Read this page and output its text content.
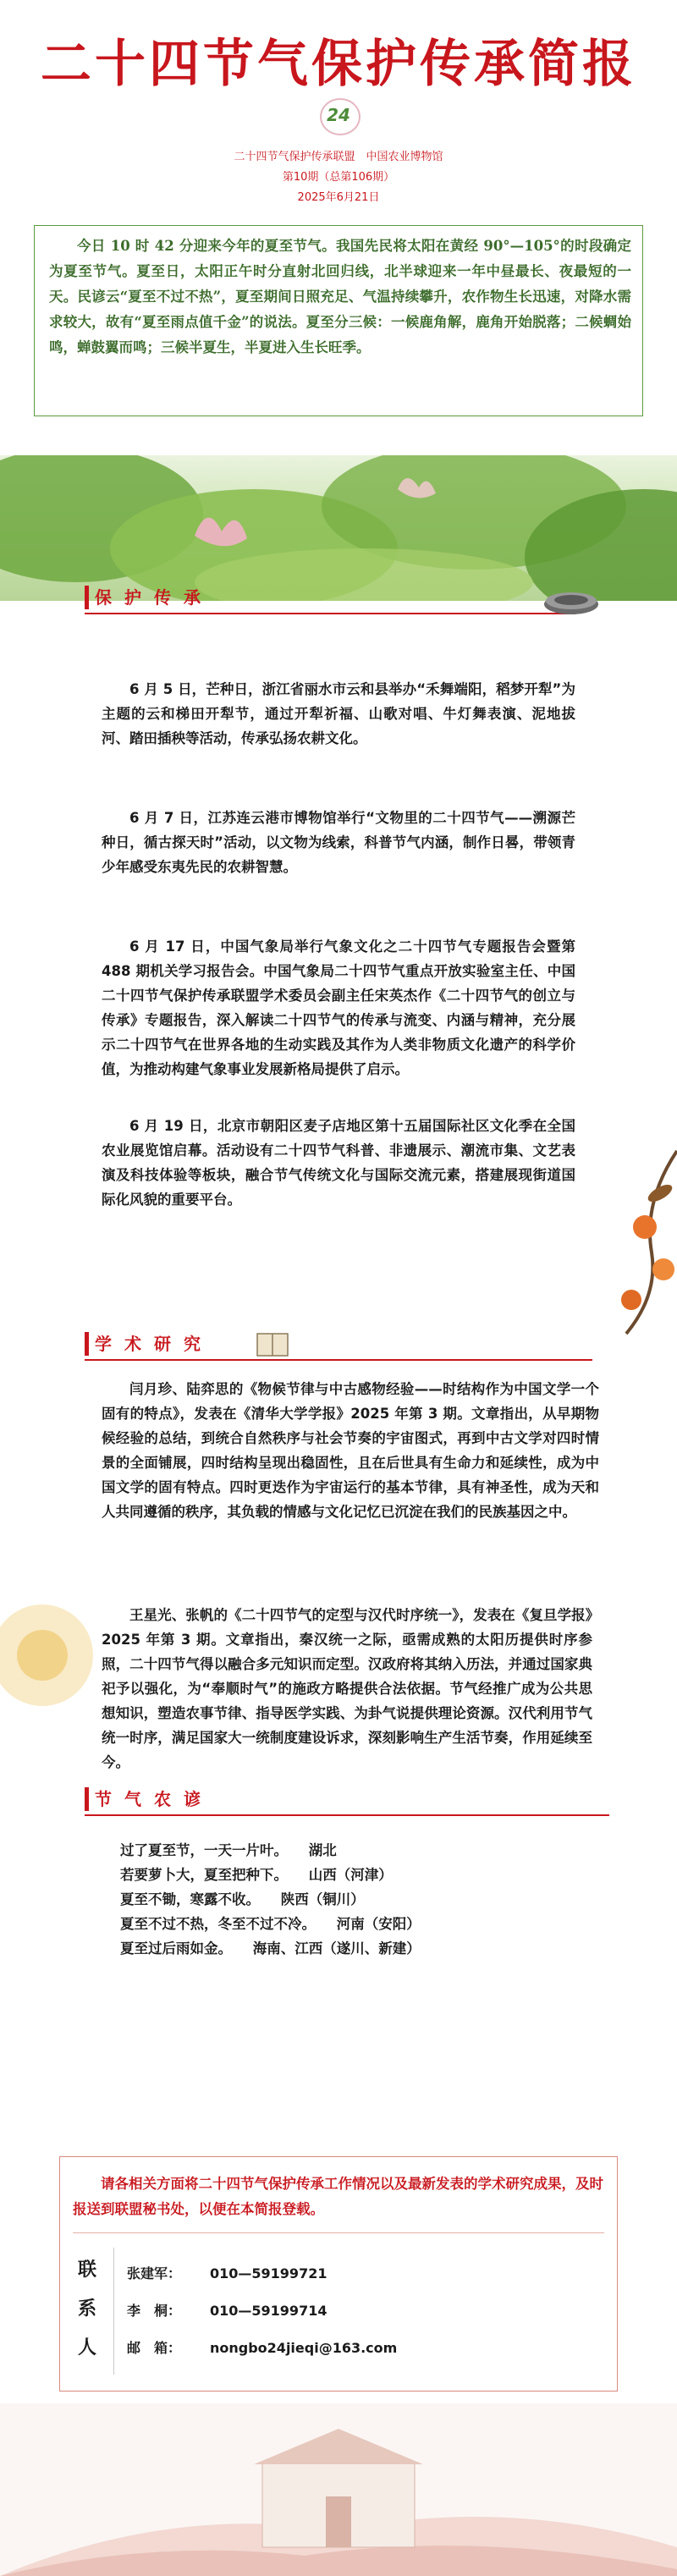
二十四节气保护传承简报
24
二十四节气保护传承联盟　中国农业博物馆
第10期（总第106期）
2025年6月21日
今日 10 时 42 分迎来今年的夏至节气。我国先民将太阳在黄经 90°—105°的时段确定为夏至节气。夏至日，太阳正午时分直射北回归线，北半球迎来一年中昼最长、夜最短的一天。民谚云“夏至不过不热”，夏至期间日照充足、气温持续攀升，农作物生长迅速，对降水需求较大，故有“夏至雨点值千金”的说法。夏至分三候：一候鹿角解，鹿角开始脱落；二候蜩始鸣，蝉鼓翼而鸣；三候半夏生，半夏进入生长旺季。
保护传承
6 月 5 日，芒种日，浙江省丽水市云和县举办“禾舞端阳，稻梦开犁”为主题的云和梯田开犁节，通过开犁祈福、山歌对唱、牛灯舞表演、泥地拔河、踏田插秧等活动，传承弘扬农耕文化。
6 月 7 日，江苏连云港市博物馆举行“文物里的二十四节气——溯源芒种日，循古探天时”活动，以文物为线索，科普节气内涵，制作日晷，带领青少年感受东夷先民的农耕智慧。
6 月 17 日，中国气象局举行气象文化之二十四节气专题报告会暨第 488 期机关学习报告会。中国气象局二十四节气重点开放实验室主任、中国二十四节气保护传承联盟学术委员会副主任宋英杰作《二十四节气的创立与传承》专题报告，深入解读二十四节气的传承与流变、内涵与精神，充分展示二十四节气在世界各地的生动实践及其作为人类非物质文化遗产的科学价值，为推动构建气象事业发展新格局提供了启示。
6 月 19 日，北京市朝阳区麦子店地区第十五届国际社区文化季在全国农业展览馆启幕。活动设有二十四节气科普、非遗展示、潮流市集、文艺表演及科技体验等板块，融合节气传统文化与国际交流元素，搭建展现街道国际化风貌的重要平台。
学术研究
闫月珍、陆弈思的《物候节律与中古感物经验——时结构作为中国文学一个固有的特点》，发表在《清华大学学报》2025 年第 3 期。文章指出，从早期物候经验的总结，到统合自然秩序与社会节奏的宇宙图式，再到中古文学对四时情景的全面铺展，四时结构呈现出稳固性，且在后世具有生命力和延续性，成为中国文学的固有特点。四时更迭作为宇宙运行的基本节律，具有神圣性，成为天和人共同遵循的秩序，其负载的情感与文化记忆已沉淀在我们的民族基因之中。
王星光、张帆的《二十四节气的定型与汉代时序统一》，发表在《复旦学报》2025 年第 3 期。文章指出，秦汉统一之际，亟需成熟的太阳历提供时序参照，二十四节气得以融合多元知识而定型。汉政府将其纳入历法，并通过国家典祀予以强化，为“奉顺时气”的施政方略提供合法依据。节气经推广成为公共思想知识，塑造农事节律、指导医学实践、为卦气说提供理论资源。汉代利用节气统一时序，满足国家大一统制度建设诉求，深刻影响生产生活节奏，作用延续至今。
节气农谚
过了夏至节，一天一片叶。　　湖北
若要萝卜大，夏至把种下。　　山西（河津）
夏至不锄，寒露不收。　　陕西（铜川）
夏至不过不热，冬至不过不冷。　　河南（安阳）
夏至过后雨如金。　　海南、江西（遂川、新建）
请各相关方面将二十四节气保护传承工作情况以及最新发表的学术研究成果，及时报送到联盟秘书处，以便在本简报登载。
联系人
张建军： 010—59199721
李　桐： 010—59199714
邮　箱： nongbo24jieqi@163.com
